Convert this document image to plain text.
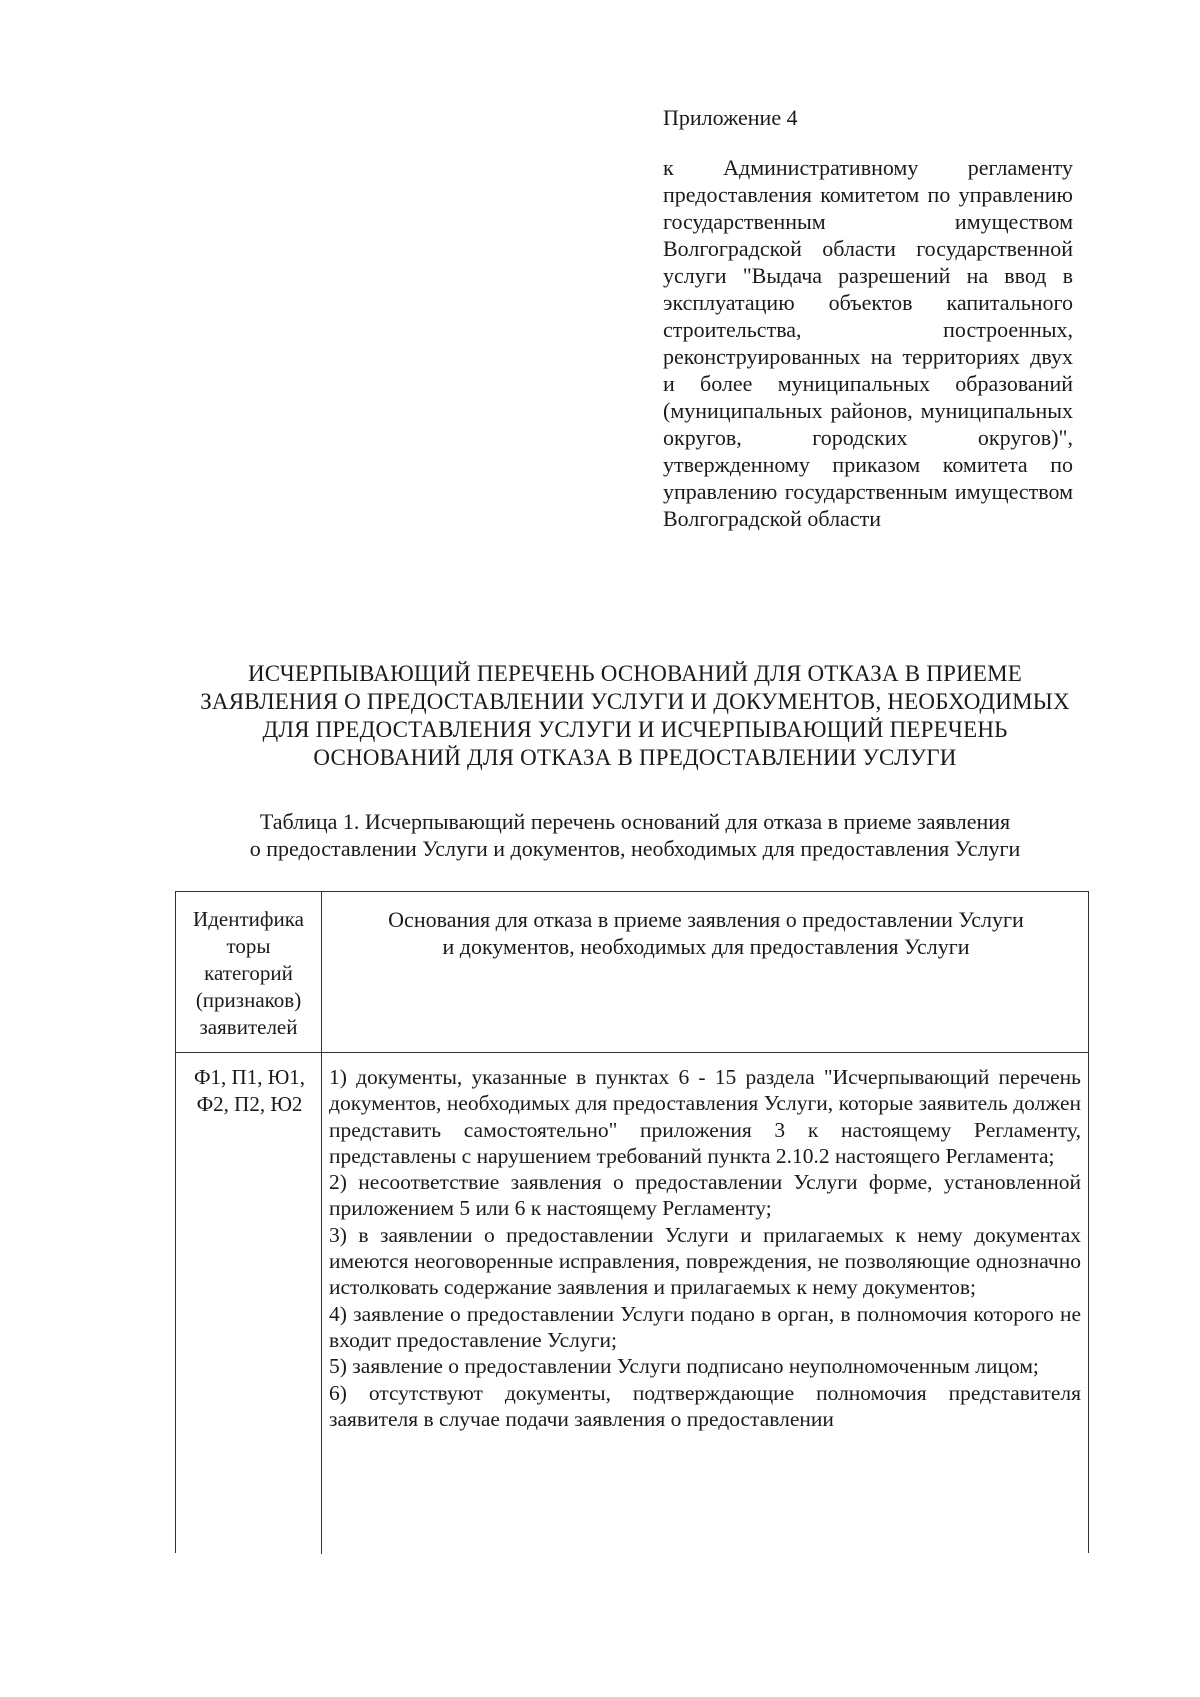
Приложение 4
к Административному регламенту предоставления комитетом по управлению государственным имуществом Волгоградской области государственной услуги "Выдача разрешений на ввод в эксплуатацию объектов капитального строительства, построенных, реконструированных на территориях двух и более муниципальных образований (муниципальных районов, муниципальных округов, городских округов)", утвержденному приказом комитета по управлению государственным имуществом Волгоградской области
ИСЧЕРПЫВАЮЩИЙ ПЕРЕЧЕНЬ ОСНОВАНИЙ ДЛЯ ОТКАЗА В ПРИЕМЕ
ЗАЯВЛЕНИЯ О ПРЕДОСТАВЛЕНИИ УСЛУГИ И ДОКУМЕНТОВ, НЕОБХОДИМЫХ
ДЛЯ ПРЕДОСТАВЛЕНИЯ УСЛУГИ И ИСЧЕРПЫВАЮЩИЙ ПЕРЕЧЕНЬ
ОСНОВАНИЙ ДЛЯ ОТКАЗА В ПРЕДОСТАВЛЕНИИ УСЛУГИ
Таблица 1. Исчерпывающий перечень оснований для отказа в приеме заявления
о предоставлении Услуги и документов, необходимых для предоставления Услуги
Идентифика
торы
категорий
(признаков)
заявителей
Основания для отказа в приеме заявления о предоставлении Услуги
и документов, необходимых для предоставления Услуги
Ф1, П1, Ю1,
Ф2, П2, Ю2
1) документы, указанные в пунктах 6 - 15 раздела "Исчерпывающий перечень документов, необходимых для предоставления Услуги, которые заявитель должен представить самостоятельно" приложения 3 к настоящему Регламенту, представлены с нарушением требований пункта 2.10.2 настоящего Регламента;
2) несоответствие заявления о предоставлении Услуги форме, установленной приложением 5 или 6 к настоящему Регламенту;
3) в заявлении о предоставлении Услуги и прилагаемых к нему документах имеются неоговоренные исправления, повреждения, не позволяющие однозначно истолковать содержание заявления и прилагаемых к нему документов;
4) заявление о предоставлении Услуги подано в орган, в полномочия которого не входит предоставление Услуги;
5) заявление о предоставлении Услуги подписано неуполномоченным лицом;
6) отсутствуют документы, подтверждающие полномочия представителя заявителя в случае подачи заявления о предоставлении
